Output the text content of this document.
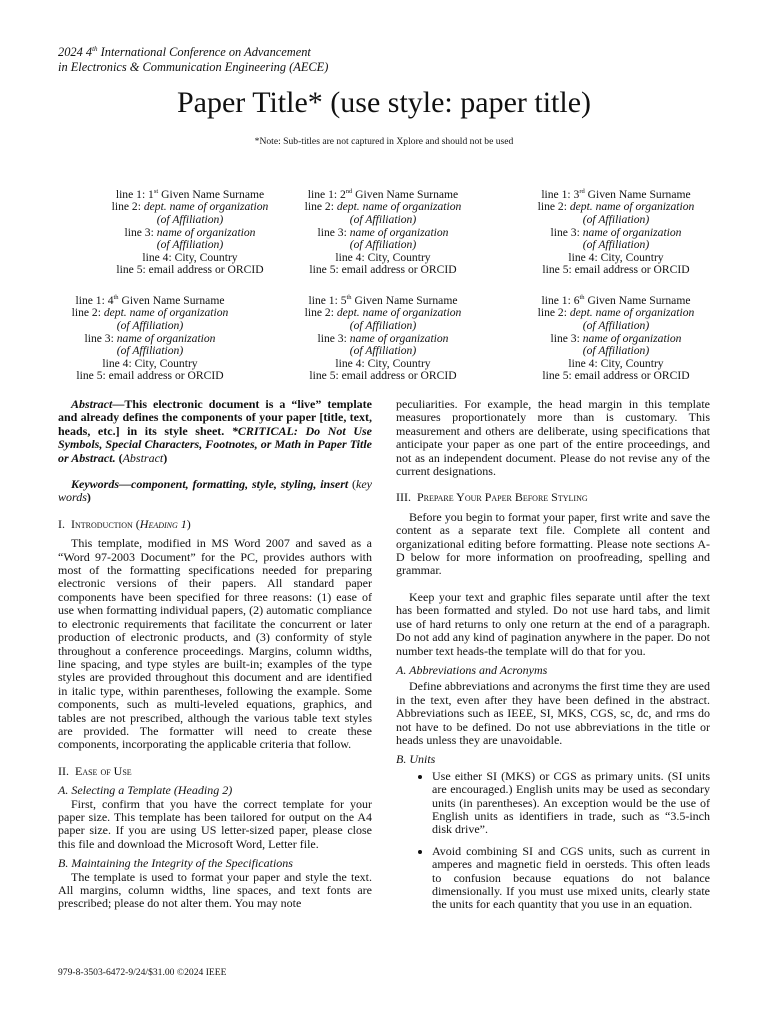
2024 4th International Conference on Advancement
in Electronics & Communication Engineering (AECE)
Paper Title* (use style: paper title)
*Note: Sub-titles are not captured in Xplore and should not be used
line 1: 1st Given Name Surname
line 2: dept. name of organization
(of Affiliation)
line 3: name of organization
(of Affiliation)
line 4: City, Country
line 5: email address or ORCID
line 1: 2nd Given Name Surname
line 2: dept. name of organization
(of Affiliation)
line 3: name of organization
(of Affiliation)
line 4: City, Country
line 5: email address or ORCID
line 1: 3rd Given Name Surname
line 2: dept. name of organization
(of Affiliation)
line 3: name of organization
(of Affiliation)
line 4: City, Country
line 5: email address or ORCID
line 1: 4th Given Name Surname
line 2: dept. name of organization
(of Affiliation)
line 3: name of organization
(of Affiliation)
line 4: City, Country
line 5: email address or ORCID
line 1: 5th Given Name Surname
line 2: dept. name of organization
(of Affiliation)
line 3: name of organization
(of Affiliation)
line 4: City, Country
line 5: email address or ORCID
line 1: 6th Given Name Surname
line 2: dept. name of organization
(of Affiliation)
line 3: name of organization
(of Affiliation)
line 4: City, Country
line 5: email address or ORCID

Abstract—This electronic document is a “live” template and already defines the components of your paper [title, text, heads, etc.] in its style sheet. *CRITICAL: Do Not Use Symbols, Special Characters, Footnotes, or Math in Paper Title or Abstract. (Abstract)

Keywords—component, formatting, style, styling, insert (key words)

I. Introduction (Heading 1)

This template, modified in MS Word 2007 and saved as a “Word 97-2003 Document” for the PC, provides authors with most of the formatting specifications needed for preparing electronic versions of their papers. All standard paper components have been specified for three reasons: (1) ease of use when formatting individual papers, (2) automatic compliance to electronic requirements that facilitate the concurrent or later production of electronic products, and (3) conformity of style throughout a conference proceedings. Margins, column widths, line spacing, and type styles are built-in; examples of the type styles are provided throughout this document and are identified in italic type, within parentheses, following the example. Some components, such as multi-leveled equations, graphics, and tables are not prescribed, although the various table text styles are provided. The formatter will need to create these components, incorporating the applicable criteria that follow.

II. Ease of Use

A. Selecting a Template (Heading 2)

First, confirm that you have the correct template for your paper size. This template has been tailored for output on the A4 paper size. If you are using US letter-sized paper, please close this file and download the Microsoft Word, Letter file.

B. Maintaining the Integrity of the Specifications

The template is used to format your paper and style the text. All margins, column widths, line spaces, and text fonts are prescribed; please do not alter them. You may note

peculiarities. For example, the head margin in this template measures proportionately more than is customary. This measurement and others are deliberate, using specifications that anticipate your paper as one part of the entire proceedings, and not as an independent document. Please do not revise any of the current designations.

III. Prepare Your Paper Before Styling

Before you begin to format your paper, first write and save the content as a separate text file. Complete all content and organizational editing before formatting. Please note sections A-D below for more information on proofreading, spelling and grammar.

Keep your text and graphic files separate until after the text has been formatted and styled. Do not use hard tabs, and limit use of hard returns to only one return at the end of a paragraph. Do not add any kind of pagination anywhere in the paper. Do not number text heads-the template will do that for you.

A. Abbreviations and Acronyms

Define abbreviations and acronyms the first time they are used in the text, even after they have been defined in the abstract. Abbreviations such as IEEE, SI, MKS, CGS, sc, dc, and rms do not have to be defined. Do not use abbreviations in the title or heads unless they are unavoidable.

B. Units

• Use either SI (MKS) or CGS as primary units. (SI units are encouraged.) English units may be used as secondary units (in parentheses). An exception would be the use of English units as identifiers in trade, such as “3.5-inch disk drive”.
• Avoid combining SI and CGS units, such as current in amperes and magnetic field in oersteds. This often leads to confusion because equations do not balance dimensionally. If you must use mixed units, clearly state the units for each quantity that you use in an equation.
979-8-3503-6472-9/24/$31.00 ©2024 IEEE
